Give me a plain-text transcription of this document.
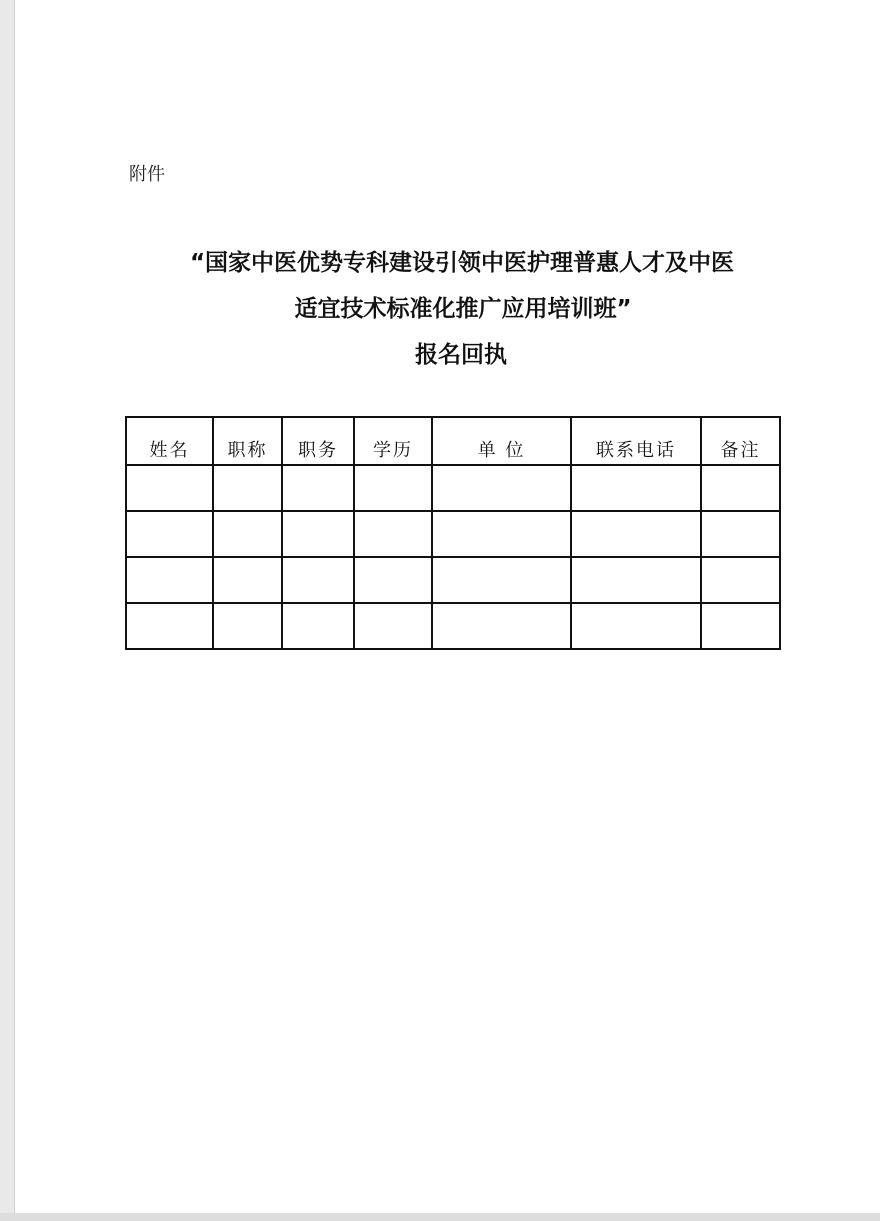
附件

“国家中医优势专科建设引领中医护理普惠人才及中医
适宜技术标准化推广应用培训班”
报名回执
姓名	职称	职务	学历	单 位	联系电话	备注
